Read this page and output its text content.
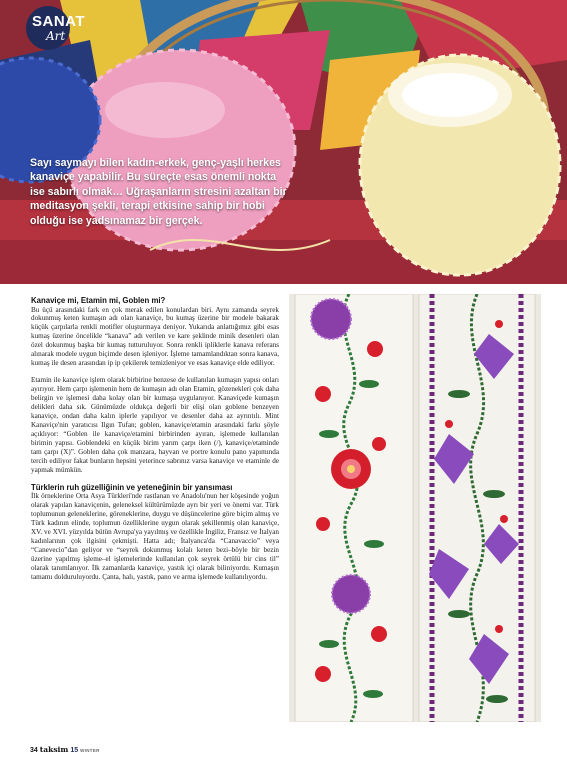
SANAT
Art

Sayı saymayı bilen kadın-erkek, genç-yaşlı herkes kanaviçe yapabilir. Bu süreçte esas önemli nokta ise sabırlı olmak… Uğraşanların stresini azaltan bir meditasyon şekli, terapi etkisine sahip bir hobi olduğu ise yadsınamaz bir gerçek.

Kanaviçe mi, Etamin mi, Goblen mi?

Bu üçü arasındaki fark en çok merak edilen konulardan biri. Aynı zamanda seyrek dokunmuş keten kumaşın adı olan kanaviçe, bu kumaş üzerine bir modele bakarak küçük çarpılarla renkli motifler oluşturmaya deniyor. Yukarıda anlattığımız gibi esas kumaş üzerine öncelikle “kanava” adı verilen ve kare şeklinde minik desenleri olan özel dokunmuş başka bir kumaş tutturuluyor. Sonra renkli ipliklerle kanava referans alınarak modele uygun biçimde desen işleniyor. İşleme tamamlandıktan sonra kanava, kumaş ile desen arasından ip ip çekilerek temizleniyor ve esas kanaviçe elde ediliyor.

Etamin ile kanaviçe işlem olarak birbirine benzese de kullanılan kumaşın yapısı onları ayırıyor. Hem çarpı işlemenin hem de kumaşın adı olan Etamin, gözenekleri çok daha belirgin ve işlemesi daha kolay olan bir kumaşa uygulanıyor. Kanaviçede kumaşın delikleri daha sık. Günümüzde oldukça değerli bir elişi olan goblene benzeyen kanaviçe, ondan daha kalın iplerle yapılıyor ve desenler daha az ayrıntılı. Mint Kanaviçe'nin yaratıcısı Ilgın Tufan; goblen, kanaviçe/etamin arasındaki farkı şöyle açıklıyor: “Goblen ile kanaviçe/etamini birbirinden ayıran, işlemede kullanılan birimin yapısı. Goblendeki en küçük birim yarım çarpı iken (/), kanaviçe/etaminde tam çarpı (X)”. Goblen daha çok manzara, hayvan ve portre konulu pano yapımında tercih ediliyor fakat bunların hepsini yeterince sabrınız varsa kanaviçe ve etaminle de yapmak mümkün.

Türklerin ruh güzelliğinin ve yeteneğinin bir yansıması

İlk örneklerine Orta Asya Türkleri'nde rastlanan ve Anadolu'nun her köşesinde yoğun olarak yapılan kanaviçenin, geleneksel kültürümüzde ayrı bir yeri ve önemi var. Türk toplumunun geleneklerine, göreneklerine, duygu ve düşüncelerine göre biçim almış ve Türk kadının elinde, toplumun özelliklerine uygun olarak şekillenmiş olan kanaviçe, XV. ve XVI. yüzyılda bütün Avrupa'ya yayılmış ve özellikle İngiliz, Fransız ve İtalyan kadınlarının çok ilgisini çekmişti. Hatta adı; İtalyanca'da “Canavaccio” veya “Canevecio”dan geliyor ve “seyrek dokunmuş kolalı keten bezi–böyle bir bezin üzerine yapılmış işleme–el işlemelerinde kullanılan çok seyrek örtülü bir cins til” olarak tanımlanıyor. İlk zamanlarda kanaviçe, yastık içi olarak biliniyordu. Kumaşın tamamı dolduruluyordu. Çanta, halı, yastık, pano ve arma işlemede kullanılıyordu.

34 taksim 15 WINTER
